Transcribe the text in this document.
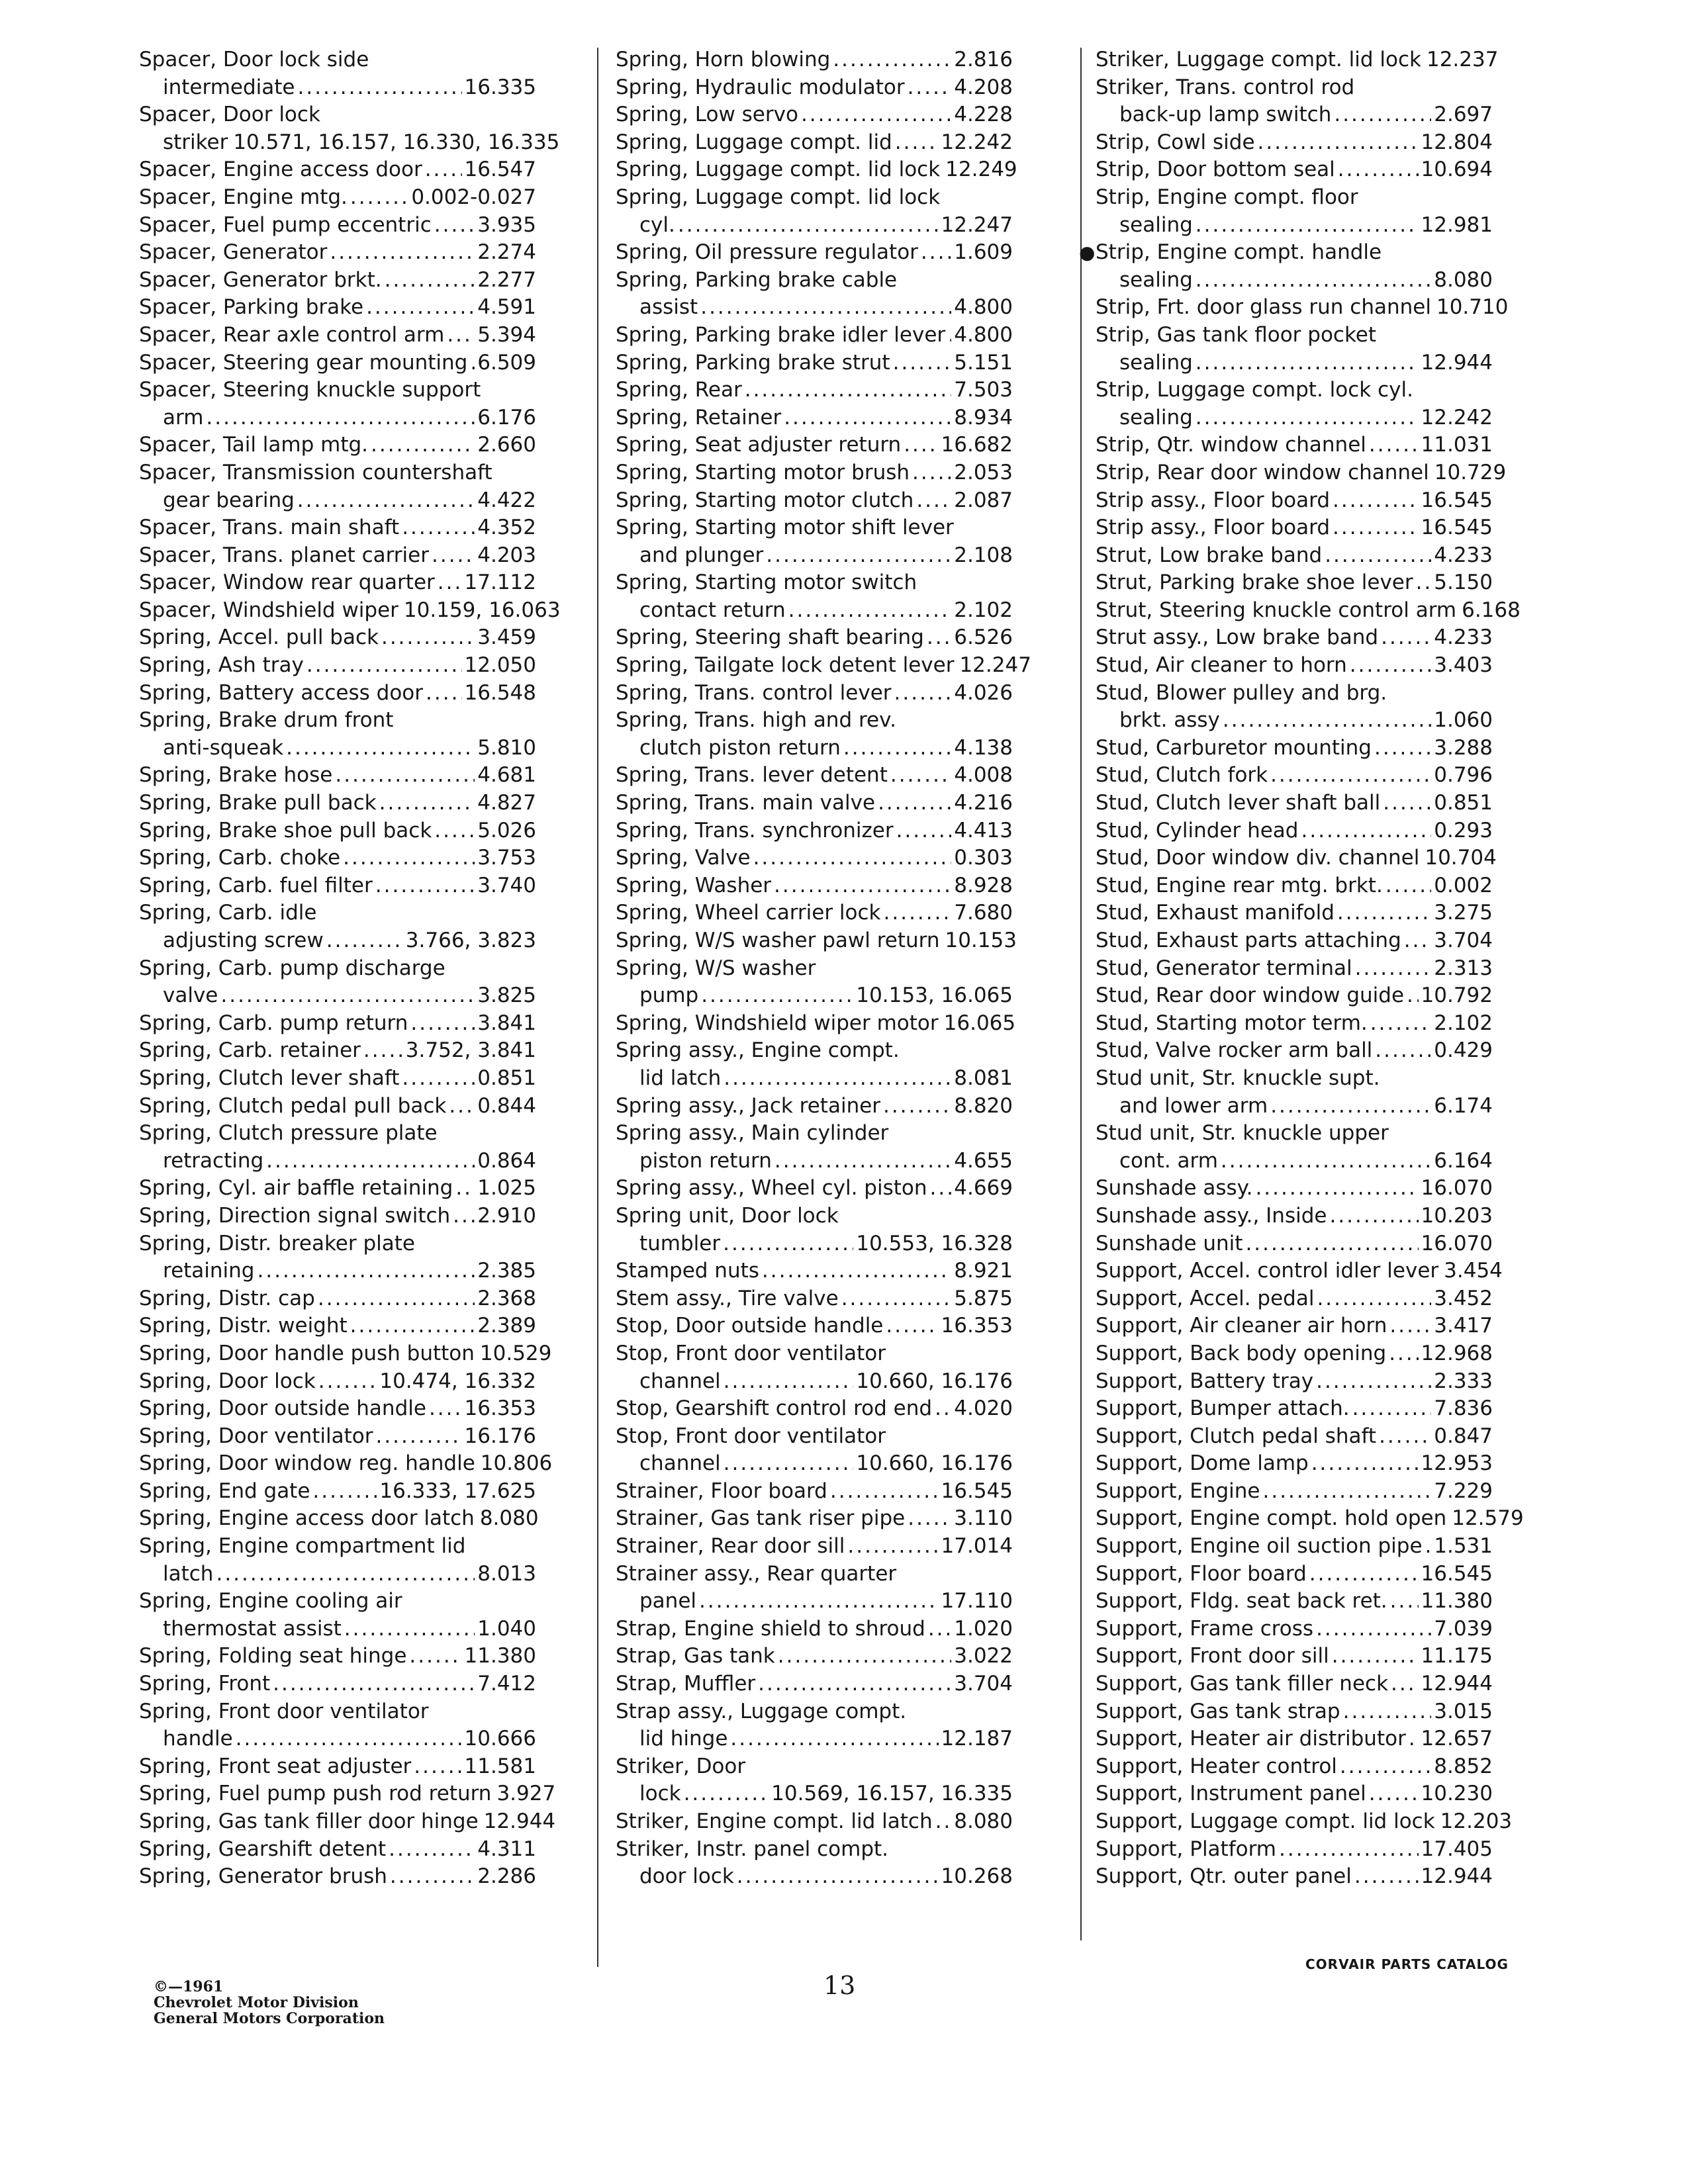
Spacer, Door lock side
intermediate .....	16.335
Spacer, Door lock
striker 10.571, 16.157, 16.330, 16.335
Spacer, Engine access door ..... 16.547
Spacer, Engine mtg. .....	0.002-0.027
Spacer, Fuel pump eccentric ..... 3.935
Spacer, Generator .....	2.274
Spacer, Generator brkt. .....	2.277
Spacer, Parking brake .....	4.591
Spacer, Rear axle control arm ..... 5.394
Spacer, Steering gear mounting ..... 6.509
Spacer, Steering knuckle support
arm .....	6.176
Spacer, Tail lamp mtg. .....	2.660
Spacer, Transmission countershaft
gear bearing .....	4.422
Spacer, Trans. main shaft .....	4.352
Spacer, Trans. planet carrier ..... 4.203
Spacer, Window rear quarter ..... 17.112
Spacer, Windshield wiper 10.159, 16.063
Spring, Accel. pull back .....	3.459
Spring, Ash tray .....	12.050
Spring, Battery access door ..... 16.548
Spring, Brake drum front
anti-squeak .....	5.810
Spring, Brake hose .....	4.681
Spring, Brake pull back .....	4.827
Spring, Brake shoe pull back ..... 5.026
Spring, Carb. choke .....	3.753
Spring, Carb. fuel filter .....	3.740
Spring, Carb. idle
adjusting screw .....	3.766, 3.823
Spring, Carb. pump discharge
valve .....	3.825
Spring, Carb. pump return .....	3.841
Spring, Carb. retainer ..... 3.752, 3.841
Spring, Clutch lever shaft .....	0.851
Spring, Clutch pedal pull back ..... 0.844
Spring, Clutch pressure plate
retracting .....	0.864
Spring, Cyl. air baffle retaining ..... 1.025
Spring, Direction signal switch ..... 2.910
Spring, Distr. breaker plate
retaining .....	2.385
Spring, Distr. cap .....	2.368
Spring, Distr. weight .....	2.389
Spring, Door handle push button 10.529
Spring, Door lock .....	10.474, 16.332
Spring, Door outside handle ..... 16.353
Spring, Door ventilator .....	16.176
Spring, Door window reg. handle 10.806
Spring, End gate .....	16.333, 17.625
Spring, Engine access door latch 8.080
Spring, Engine compartment lid
latch .....	8.013
Spring, Engine cooling air
thermostat assist .....	1.040
Spring, Folding seat hinge .....	11.380
Spring, Front .....	7.412
Spring, Front door ventilator
handle .....	10.666
Spring, Front seat adjuster .....	11.581
Spring, Fuel pump push rod return 3.927
Spring, Gas tank filler door hinge 12.944
Spring, Gearshift detent .....	4.311
Spring, Generator brush .....	2.286
Spring, Horn blowing .....	2.816
Spring, Hydraulic modulator ..... 4.208
Spring, Low servo .....	4.228
Spring, Luggage compt. lid ..... 12.242
Spring, Luggage compt. lid lock 12.249
Spring, Luggage compt. lid lock
cyl. .....	12.247
Spring, Oil pressure regulator ..... 1.609
Spring, Parking brake cable
assist .....	4.800
Spring, Parking brake idler lever ..... 4.800
Spring, Parking brake strut .....	5.151
Spring, Rear .....	7.503
Spring, Retainer .....	8.934
Spring, Seat adjuster return ..... 16.682
Spring, Starting motor brush ..... 2.053
Spring, Starting motor clutch ..... 2.087
Spring, Starting motor shift lever
and plunger .....	2.108
Spring, Starting motor switch
contact return .....	2.102
Spring, Steering shaft bearing ..... 6.526
Spring, Tailgate lock detent lever 12.247
Spring, Trans. control lever .....	4.026
Spring, Trans. high and rev.
clutch piston return .....	4.138
Spring, Trans. lever detent .....	4.008
Spring, Trans. main valve .....	4.216
Spring, Trans. synchronizer .....	4.413
Spring, Valve .....	0.303
Spring, Washer .....	8.928
Spring, Wheel carrier lock .....	7.680
Spring, W/S washer pawl return 10.153
Spring, W/S washer
pump .....	10.153, 16.065
Spring, Windshield wiper motor 16.065
Spring assy., Engine compt.
lid latch .....	8.081
Spring assy., Jack retainer .....	8.820
Spring assy., Main cylinder
piston return .....	4.655
Spring assy., Wheel cyl. piston ..... 4.669
Spring unit, Door lock
tumbler .....	10.553, 16.328
Stamped nuts .....	8.921
Stem assy., Tire valve .....	5.875
Stop, Door outside handle .....	16.353
Stop, Front door ventilator
channel .....	10.660, 16.176
Stop, Gearshift control rod end ..... 4.020
Stop, Front door ventilator
channel .....	10.660, 16.176
Strainer, Floor board .....	16.545
Strainer, Gas tank riser pipe ..... 3.110
Strainer, Rear door sill .....	17.014
Strainer assy., Rear quarter
panel .....	17.110
Strap, Engine shield to shroud ..... 1.020
Strap, Gas tank .....	3.022
Strap, Muffler .....	3.704
Strap assy., Luggage compt.
lid hinge .....	12.187
Striker, Door
lock .....	10.569, 16.157, 16.335
Striker, Engine compt. lid latch ..... 8.080
Striker, Instr. panel compt.
door lock .....	10.268
Striker, Luggage compt. lid lock 12.237
Striker, Trans. control rod
back-up lamp switch .....	2.697
Strip, Cowl side .....	12.804
Strip, Door bottom seal .....	10.694
Strip, Engine compt. floor
sealing .....	12.981
Strip, Engine compt. handle
sealing .....	8.080
Strip, Frt. door glass run channel 10.710
Strip, Gas tank floor pocket
sealing .....	12.944
Strip, Luggage compt. lock cyl.
sealing .....	12.242
Strip, Qtr. window channel .....	11.031
Strip, Rear door window channel 10.729
Strip assy., Floor board .....	16.545
Strip assy., Floor board .....	16.545
Strut, Low brake band .....	4.233
Strut, Parking brake shoe lever ..... 5.150
Strut, Steering knuckle control arm 6.168
Strut assy., Low brake band .....	4.233
Stud, Air cleaner to horn .....	3.403
Stud, Blower pulley and brg.
brkt. assy .....	1.060
Stud, Carburetor mounting .....	3.288
Stud, Clutch fork .....	0.796
Stud, Clutch lever shaft ball .....	0.851
Stud, Cylinder head .....	0.293
Stud, Door window div. channel 10.704
Stud, Engine rear mtg. brkt. ..... 0.002
Stud, Exhaust manifold .....	3.275
Stud, Exhaust parts attaching ..... 3.704
Stud, Generator terminal .....	2.313
Stud, Rear door window guide ..... 10.792
Stud, Starting motor term. .....	2.102
Stud, Valve rocker arm ball .....	0.429
Stud unit, Str. knuckle supt.
and lower arm .....	6.174
Stud unit, Str. knuckle upper
cont. arm .....	6.164
Sunshade assy. .....	16.070
Sunshade assy., Inside .....	10.203
Sunshade unit .....	16.070
Support, Accel. control idler lever 3.454
Support, Accel. pedal .....	3.452
Support, Air cleaner air horn ..... 3.417
Support, Back body opening ..... 12.968
Support, Battery tray .....	2.333
Support, Bumper attach. .....	7.836
Support, Clutch pedal shaft .....	0.847
Support, Dome lamp .....	12.953
Support, Engine .....	7.229
Support, Engine compt. hold open 12.579
Support, Engine oil suction pipe ..... 1.531
Support, Floor board .....	16.545
Support, Fldg. seat back ret. ..... 11.380
Support, Frame cross .....	7.039
Support, Front door sill .....	11.175
Support, Gas tank filler neck ..... 12.944
Support, Gas tank strap .....	3.015
Support, Heater air distributor ..... 12.657
Support, Heater control .....	8.852
Support, Instrument panel .....	10.230
Support, Luggage compt. lid lock 12.203
Support, Platform .....	17.405
Support, Qtr. outer panel .....	12.944
●
©—1961
Chevrolet Motor Division
General Motors Corporation
13
CORVAIR PARTS CATALOG
